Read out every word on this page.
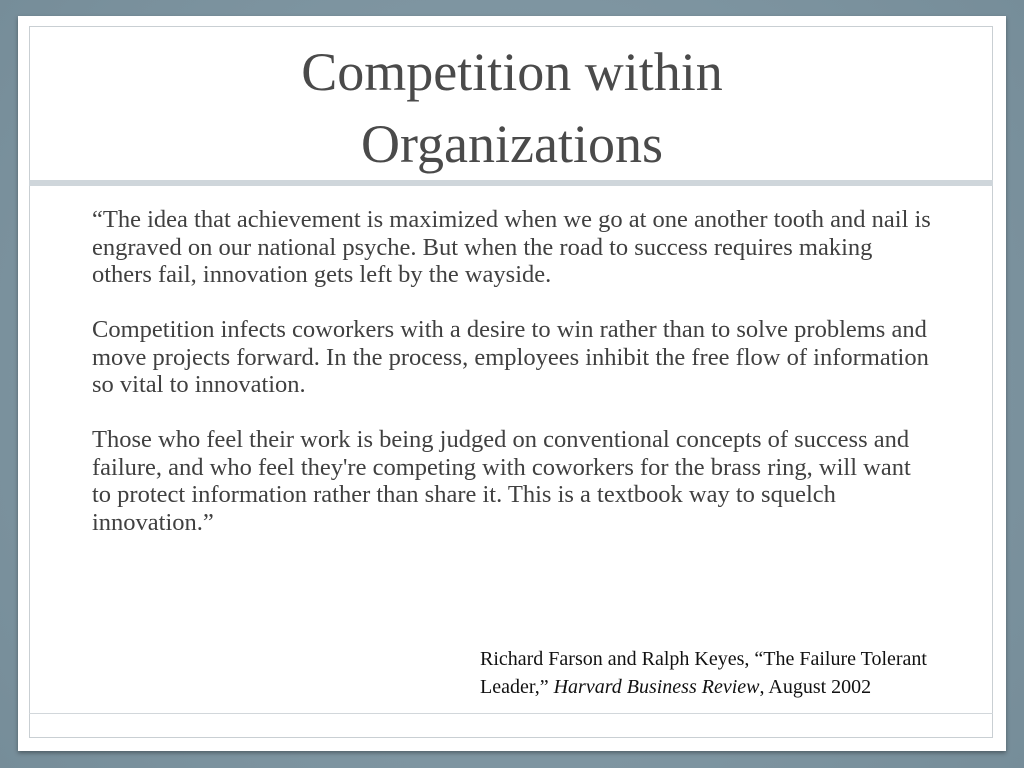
Competition within
Organizations

“The idea that achievement is maximized when we go at one another tooth and nail is engraved on our national psyche. But when the road to success requires making others fail, innovation gets left by the wayside.

Competition infects coworkers with a desire to win rather than to solve problems and move projects forward. In the process, employees inhibit the free flow of information so vital to innovation.

Those who feel their work is being judged on conventional concepts of success and failure, and who feel they're competing with coworkers for the brass ring, will want to protect information rather than share it. This is a textbook way to squelch innovation.”

Richard Farson and Ralph Keyes, “The Failure Tolerant Leader,” Harvard Business Review, August 2002
